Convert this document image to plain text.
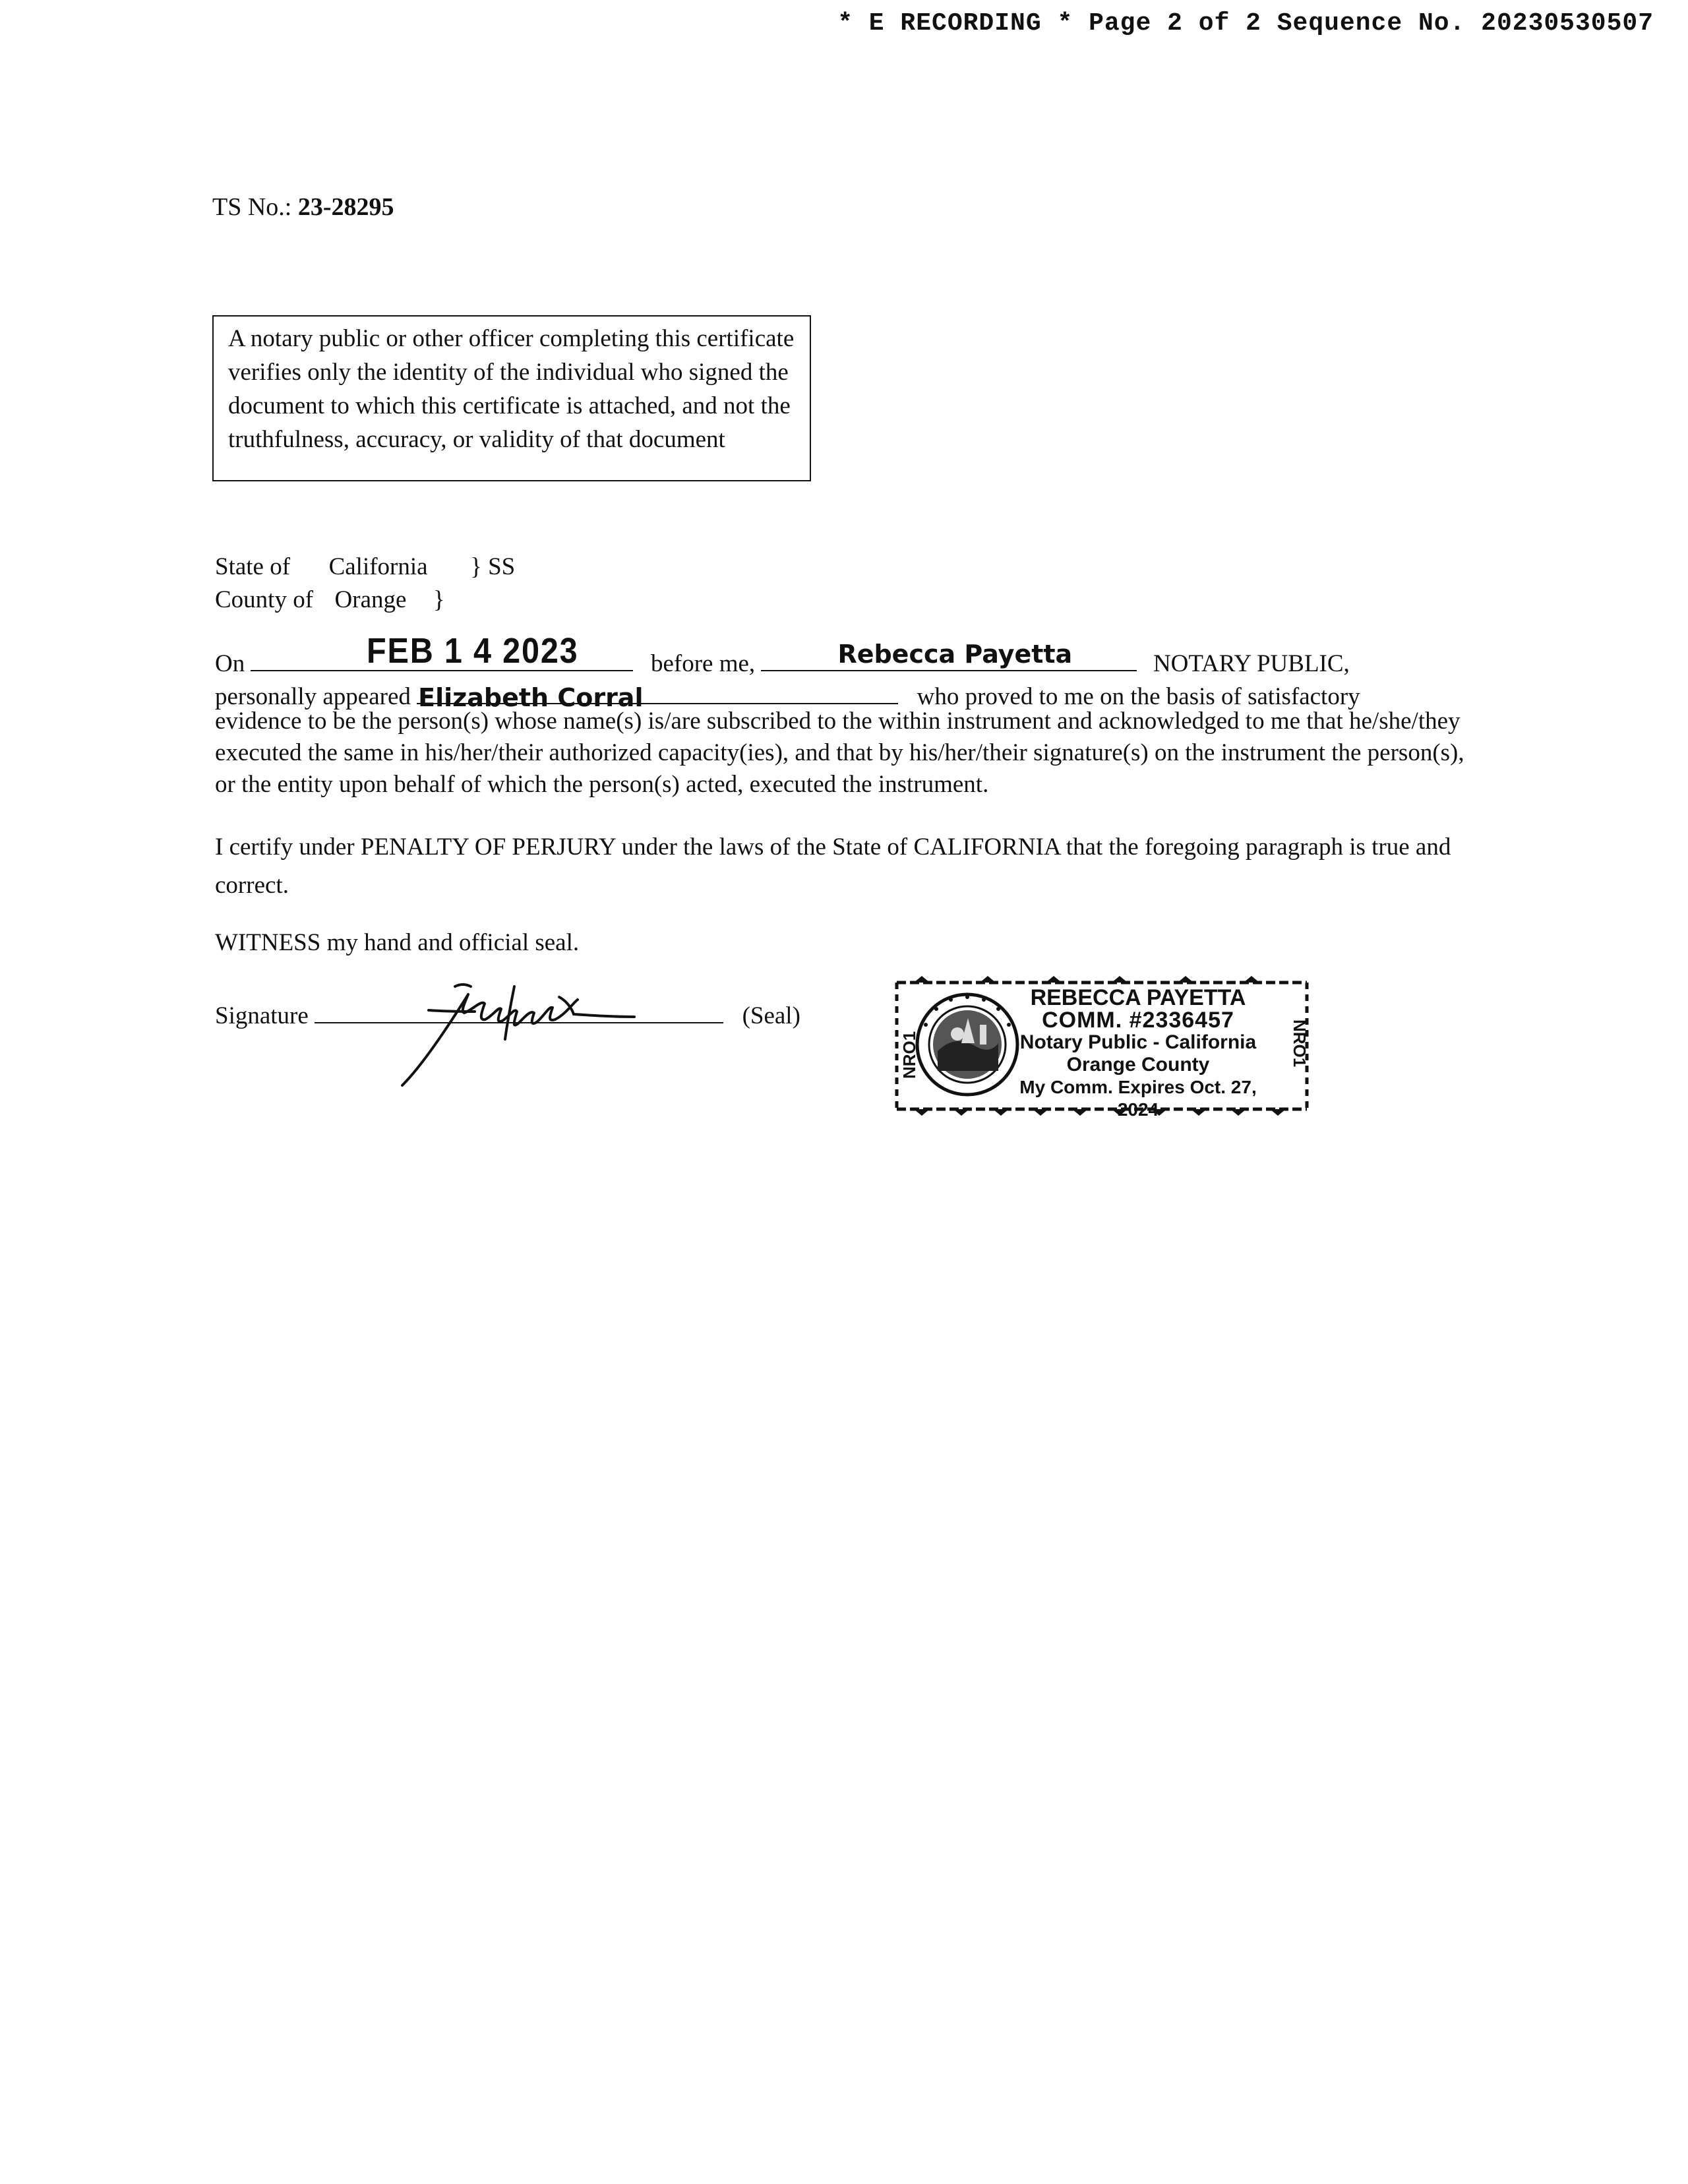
* E RECORDING * Page 2 of 2 Sequence No. 20230530507
TS No.: 23-28295
A notary public or other officer completing this certificate verifies only the identity of the individual who signed the document to which this certificate is attached, and not the truthfulness, accuracy, or validity of that document
State of California } SS
County of Orange }
On	FEB 1 4 2023	before me,	Rebecca Payetta	NOTARY PUBLIC,
personally appeared Elizabeth Corral	who proved to me on the basis of satisfactory
evidence to be the person(s) whose name(s) is/are subscribed to the within instrument and acknowledged to me that he/she/they executed the same in his/her/their authorized capacity(ies), and that by his/her/their signature(s) on the instrument the person(s), or the entity upon behalf of which the person(s) acted, executed the instrument.
I certify under PENALTY OF PERJURY under the laws of the State of CALIFORNIA that the foregoing paragraph is true and correct.
WITNESS my hand and official seal.
Signature	(Seal)
NRO1	NRO1
REBECCA PAYETTA
COMM. #2336457
Notary Public - California
Orange County
My Comm. Expires Oct. 27, 2024
